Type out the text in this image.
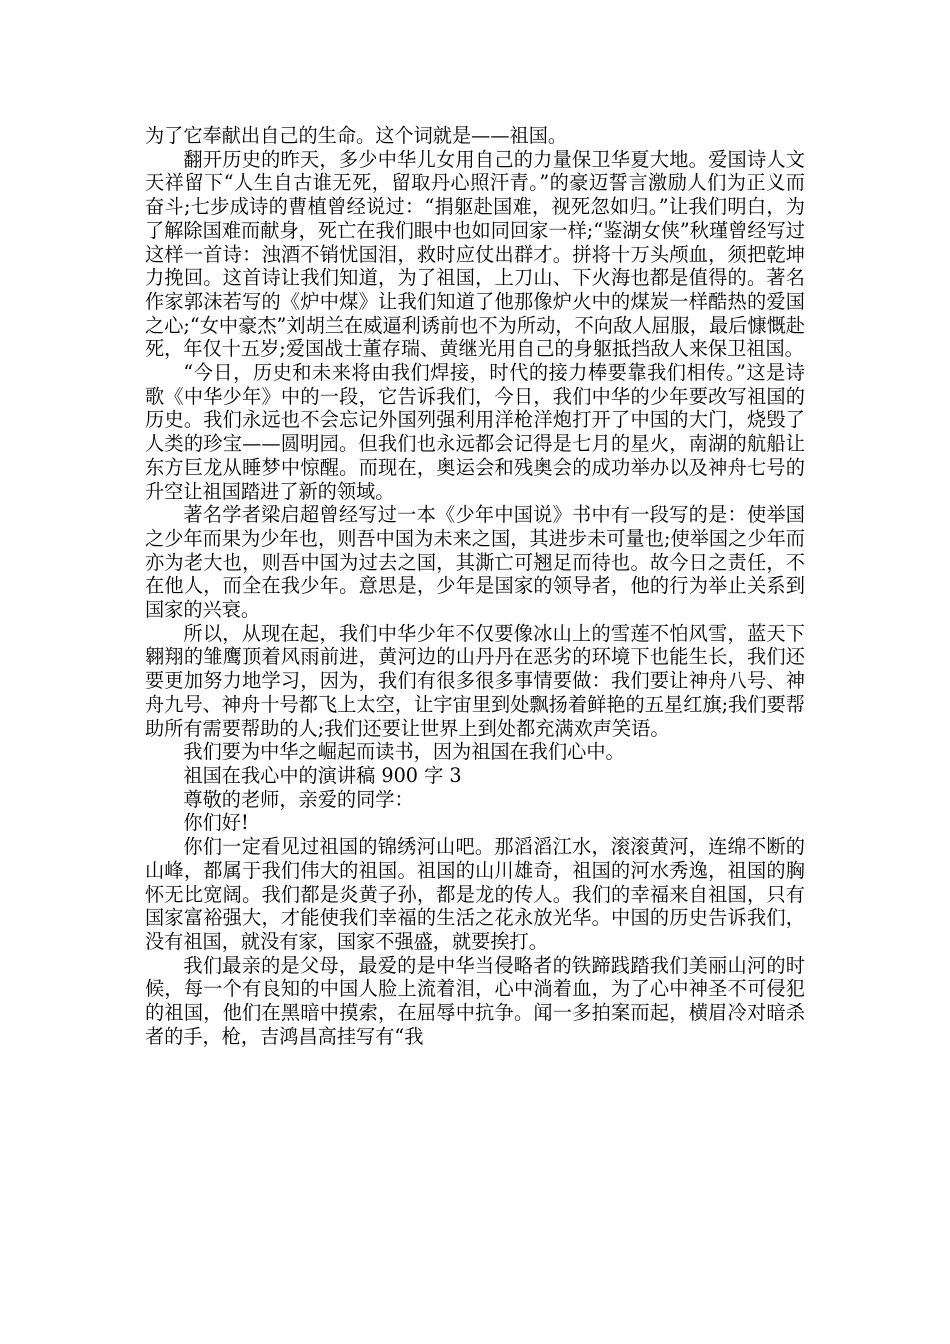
为了它奉献出自己的生命。这个词就是——祖国。

翻开历史的昨天，多少中华儿女用自己的力量保卫华夏大地。爱国诗人文天祥留下“人生自古谁无死，留取丹心照汗青。”的豪迈誓言激励人们为正义而奋斗;七步成诗的曹植曾经说过：“捐躯赴国难，视死忽如归。”让我们明白，为了解除国难而献身，死亡在我们眼中也如同回家一样;“鉴湖女侠”秋瑾曾经写过这样一首诗：浊酒不销忧国泪，救时应仗出群才。拼将十万头颅血，须把乾坤力挽回。这首诗让我们知道，为了祖国，上刀山、下火海也都是值得的。著名作家郭沫若写的《炉中煤》让我们知道了他那像炉火中的煤炭一样酷热的爱国之心;“女中豪杰”刘胡兰在威逼利诱前也不为所动，不向敌人屈服，最后慷慨赴死，年仅十五岁;爱国战士董存瑞、黄继光用自己的身躯抵挡敌人来保卫祖国。

“今日，历史和未来将由我们焊接，时代的接力棒要靠我们相传。”这是诗歌《中华少年》中的一段，它告诉我们，今日，我们中华的少年要改写祖国的历史。我们永远也不会忘记外国列强利用洋枪洋炮打开了中国的大门，烧毁了人类的珍宝——圆明园。但我们也永远都会记得是七月的星火，南湖的航船让东方巨龙从睡梦中惊醒。而现在，奥运会和残奥会的成功举办以及神舟七号的升空让祖国踏进了新的领域。

著名学者梁启超曾经写过一本《少年中国说》书中有一段写的是：使举国之少年而果为少年也，则吾中国为未来之国，其进步未可量也;使举国之少年而亦为老大也，则吾中国为过去之国，其澌亡可翘足而待也。故今日之责任，不在他人，而全在我少年。意思是，少年是国家的领导者，他的行为举止关系到国家的兴衰。

所以，从现在起，我们中华少年不仅要像冰山上的雪莲不怕风雪，蓝天下翱翔的雏鹰顶着风雨前进，黄河边的山丹丹在恶劣的环境下也能生长，我们还要更加努力地学习，因为，我们有很多很多事情要做：我们要让神舟八号、神舟九号、神舟十号都飞上太空，让宇宙里到处飘扬着鲜艳的五星红旗;我们要帮助所有需要帮助的人;我们还要让世界上到处都充满欢声笑语。

我们要为中华之崛起而读书，因为祖国在我们心中。

祖国在我心中的演讲稿 900 字 3

尊敬的老师，亲爱的同学：

你们好!

你们一定看见过祖国的锦绣河山吧。那滔滔江水，滚滚黄河，连绵不断的山峰，都属于我们伟大的祖国。祖国的山川雄奇，祖国的河水秀逸，祖国的胸怀无比宽阔。我们都是炎黄子孙，都是龙的传人。我们的幸福来自祖国，只有国家富裕强大，才能使我们幸福的生活之花永放光华。中国的历史告诉我们，没有祖国，就没有家，国家不强盛，就要挨打。

我们最亲的是父母，最爱的是中华当侵略者的铁蹄践踏我们美丽山河的时候，每一个有良知的中国人脸上流着泪，心中淌着血，为了心中神圣不可侵犯的祖国，他们在黑暗中摸索，在屈辱中抗争。闻一多拍案而起，横眉冷对暗杀者的手，枪，吉鸿昌高挂写有“我
